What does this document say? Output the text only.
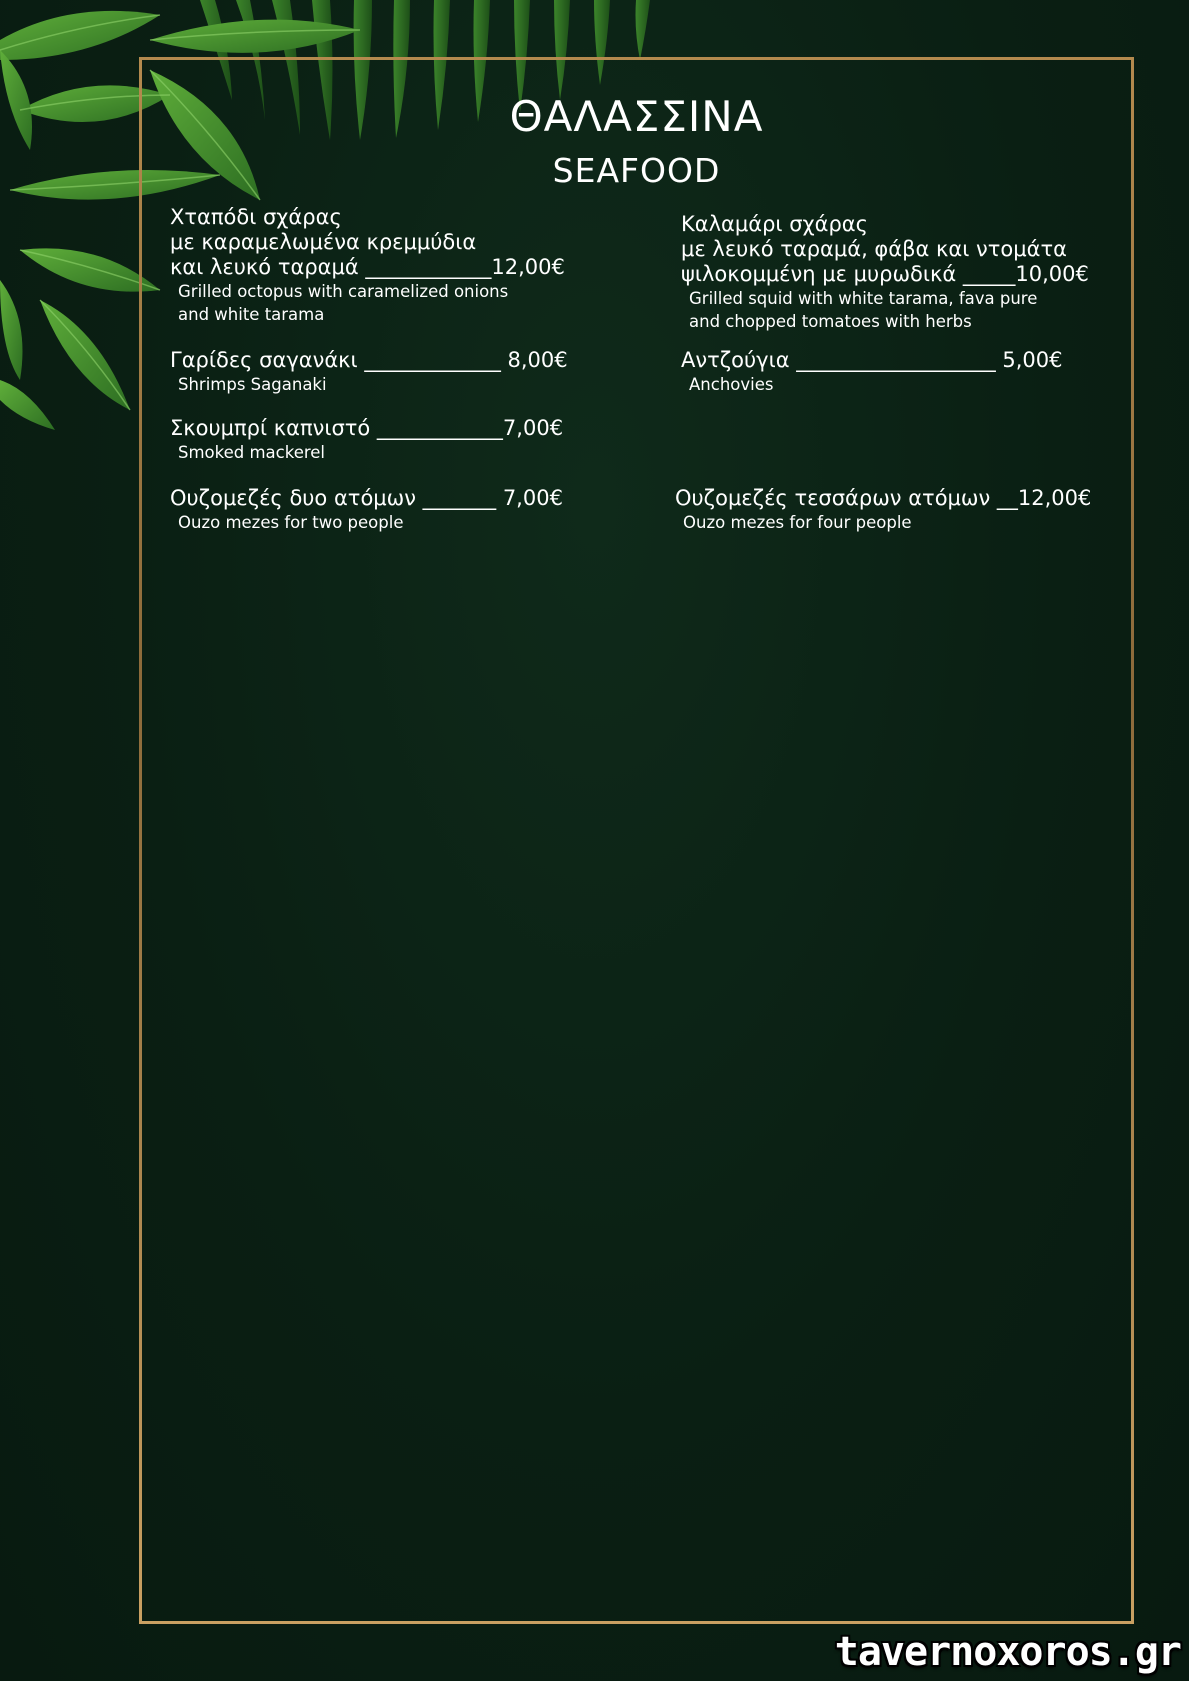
ΘΑΛΑΣΣΙΝΑ
SEAFOOD
Χταπόδι σχάρας
με καραμελωμένα κρεμμύδια
και λευκό ταραμά ____________12,00€
Grilled octopus with caramelized onions
and white tarama
Καλαμάρι σχάρας
με λευκό ταραμά, φάβα και ντομάτα
ψιλοκομμένη με μυρωδικά _____10,00€
Grilled squid with white tarama, fava pure
and chopped tomatoes with herbs
Γαρίδες σαγανάκι _____________ 8,00€
Shrimps Saganaki
Αντζούγια ___________________ 5,00€
Anchovies
Σκουμπρί καπνιστό ____________7,00€
Smoked mackerel
Ουζομεζές δυο ατόμων _______ 7,00€
Ouzo mezes for two people
Ουζομεζές τεσσάρων ατόμων __12,00€
Ouzo mezes for four people
tavernoxoros.gr
